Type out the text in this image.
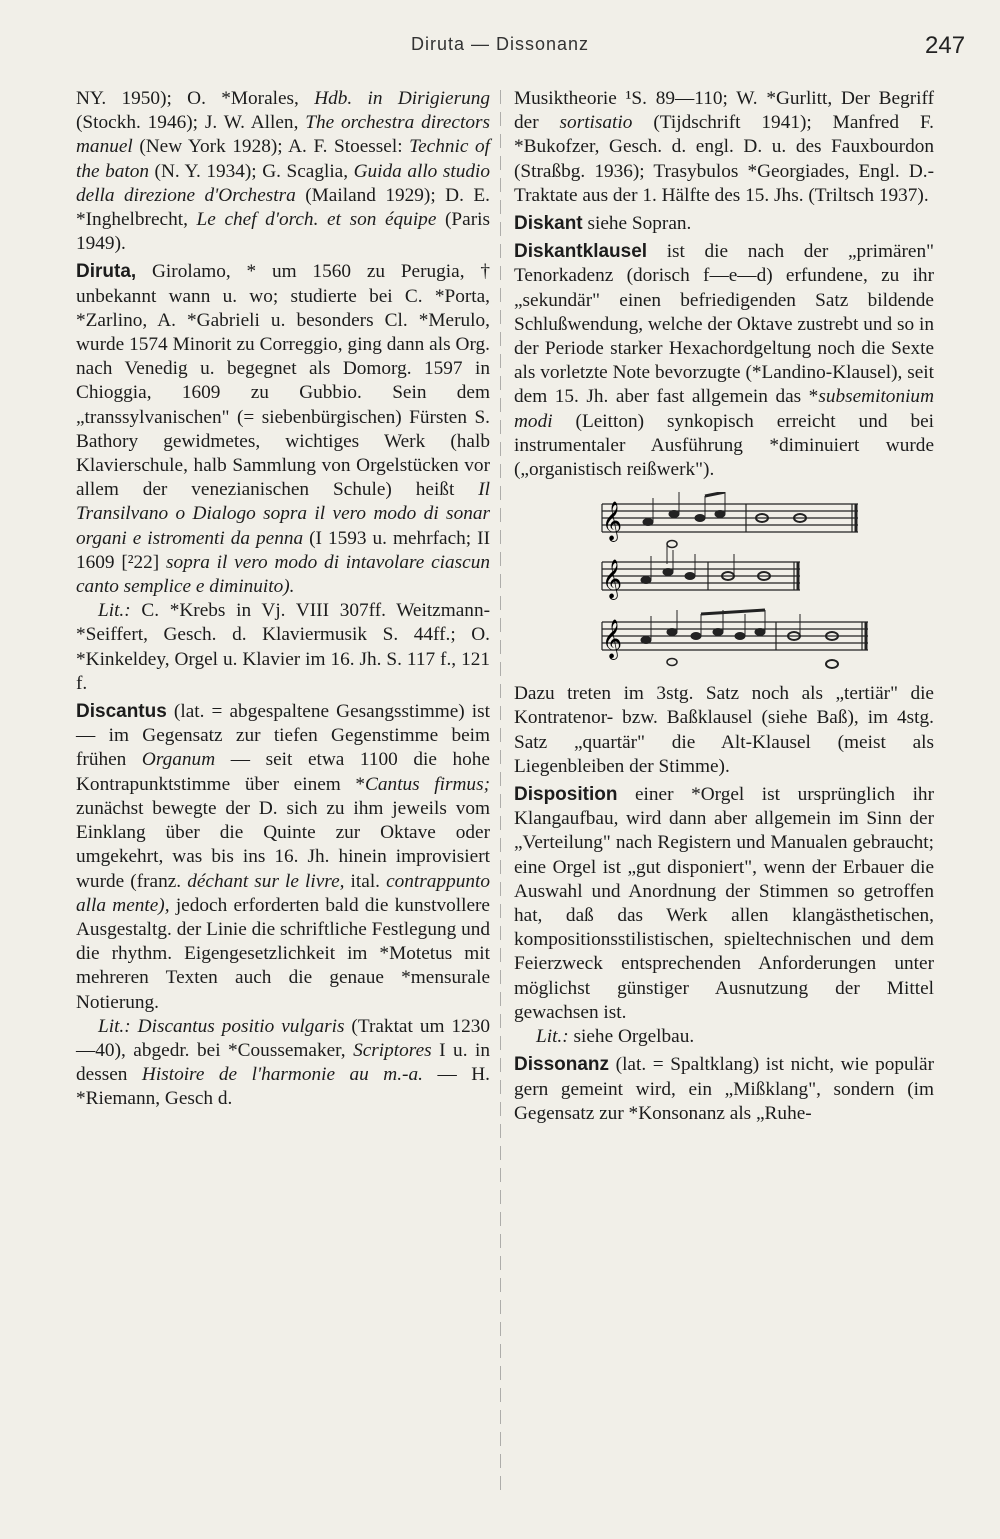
Diruta — Dissonanz	247

NY. 1950); O. *Morales, Hdb. in Dirigierung (Stockh. 1946); J. W. Allen, The orchestra directors manuel (New York 1928); A. F. Stoessel: Technic of the baton (N. Y. 1934); G. Scaglia, Guida allo studio della direzione d'Orchestra (Mailand 1929); D. E. *Inghelbrecht, Le chef d'orch. et son équipe (Paris 1949).

Diruta, Girolamo, * um 1560 zu Perugia, † unbekannt wann u. wo; studierte bei C. *Porta, *Zarlino, A. *Gabrieli u. besonders Cl. *Merulo, wurde 1574 Minorit zu Correggio, ging dann als Org. nach Venedig u. begegnet als Domorg. 1597 in Chioggia, 1609 zu Gubbio. Sein dem „transsylvanischen" (= siebenbürgischen) Fürsten S. Bathory gewidmetes, wichtiges Werk (halb Klavierschule, halb Sammlung von Orgelstücken vor allem der venezianischen Schule) heißt Il Transilvano o Dialogo sopra il vero modo di sonar organi e istromenti da penna (I 1593 u. mehrfach; II 1609 [²22] sopra il vero modo di intavolare ciascun canto semplice e diminuito).

Lit.: C. *Krebs in Vj. VIII 307ff. Weitzmann-*Seiffert, Gesch. d. Klaviermusik S. 44ff.; O. *Kinkeldey, Orgel u. Klavier im 16. Jh. S. 117 f., 121 f.

Discantus (lat. = abgespaltene Gesangsstimme) ist — im Gegensatz zur tiefen Gegenstimme beim frühen Organum — seit etwa 1100 die hohe Kontrapunktstimme über einem *Cantus firmus; zunächst bewegte der D. sich zu ihm jeweils vom Einklang über die Quinte zur Oktave oder umgekehrt, was bis ins 16. Jh. hinein improvisiert wurde (franz. déchant sur le livre, ital. contrappunto alla mente), jedoch erforderten bald die kunstvollere Ausgestaltg. der Linie die schriftliche Festlegung und die rhythm. Eigengesetzlichkeit im *Motetus mit mehreren Texten auch die genaue *mensurale Notierung.

Lit.: Discantus positio vulgaris (Traktat um 1230—40), abgedr. bei *Coussemaker, Scriptores I u. in dessen Histoire de l'harmonie au m.-a. — H. *Riemann, Gesch d.

Musiktheorie ¹S. 89—110; W. *Gurlitt, Der Begriff der sortisatio (Tijdschrift 1941); Manfred F. *Bukofzer, Gesch. d. engl. D. u. des Fauxbourdon (Straßbg. 1936); Trasybulos *Georgiades, Engl. D.-Traktate aus der 1. Hälfte des 15. Jhs. (Triltsch 1937).

Diskant siehe Sopran.

Diskantklausel ist die nach der „primären" Tenorkadenz (dorisch f—e—d) erfundene, zu ihr „sekundär" einen befriedigenden Satz bildende Schlußwendung, welche der Oktave zustrebt und so in der Periode starker Hexachordgeltung noch die Sexte als vorletzte Note bevorzugte (*Landino-Klausel), seit dem 15. Jh. aber fast allgemein das *subsemitonium modi (Leitton) synkopisch erreicht und bei instrumentaler Ausführung *diminuiert wurde („organistisch reißwerk").

𝄞
𝄞
𝄞

Dazu treten im 3stg. Satz noch als „tertiär" die Kontratenor- bzw. Baßklausel (siehe Baß), im 4stg. Satz „quartär" die Alt-Klausel (meist als Liegenbleiben der Stimme).

Disposition einer *Orgel ist ursprünglich ihr Klangaufbau, wird dann aber allgemein im Sinn der „Verteilung" nach Registern und Manualen gebraucht; eine Orgel ist „gut disponiert", wenn der Erbauer die Auswahl und Anordnung der Stimmen so getroffen hat, daß das Werk allen klangästhetischen, kompositionsstilistischen, spieltechnischen und dem Feierzweck entsprechenden Anforderungen unter möglichst günstiger Ausnutzung der Mittel gewachsen ist.

Lit.: siehe Orgelbau.

Dissonanz (lat. = Spaltklang) ist nicht, wie populär gern gemeint wird, ein „Mißklang", sondern (im Gegensatz zur *Konsonanz als „Ruhe-
